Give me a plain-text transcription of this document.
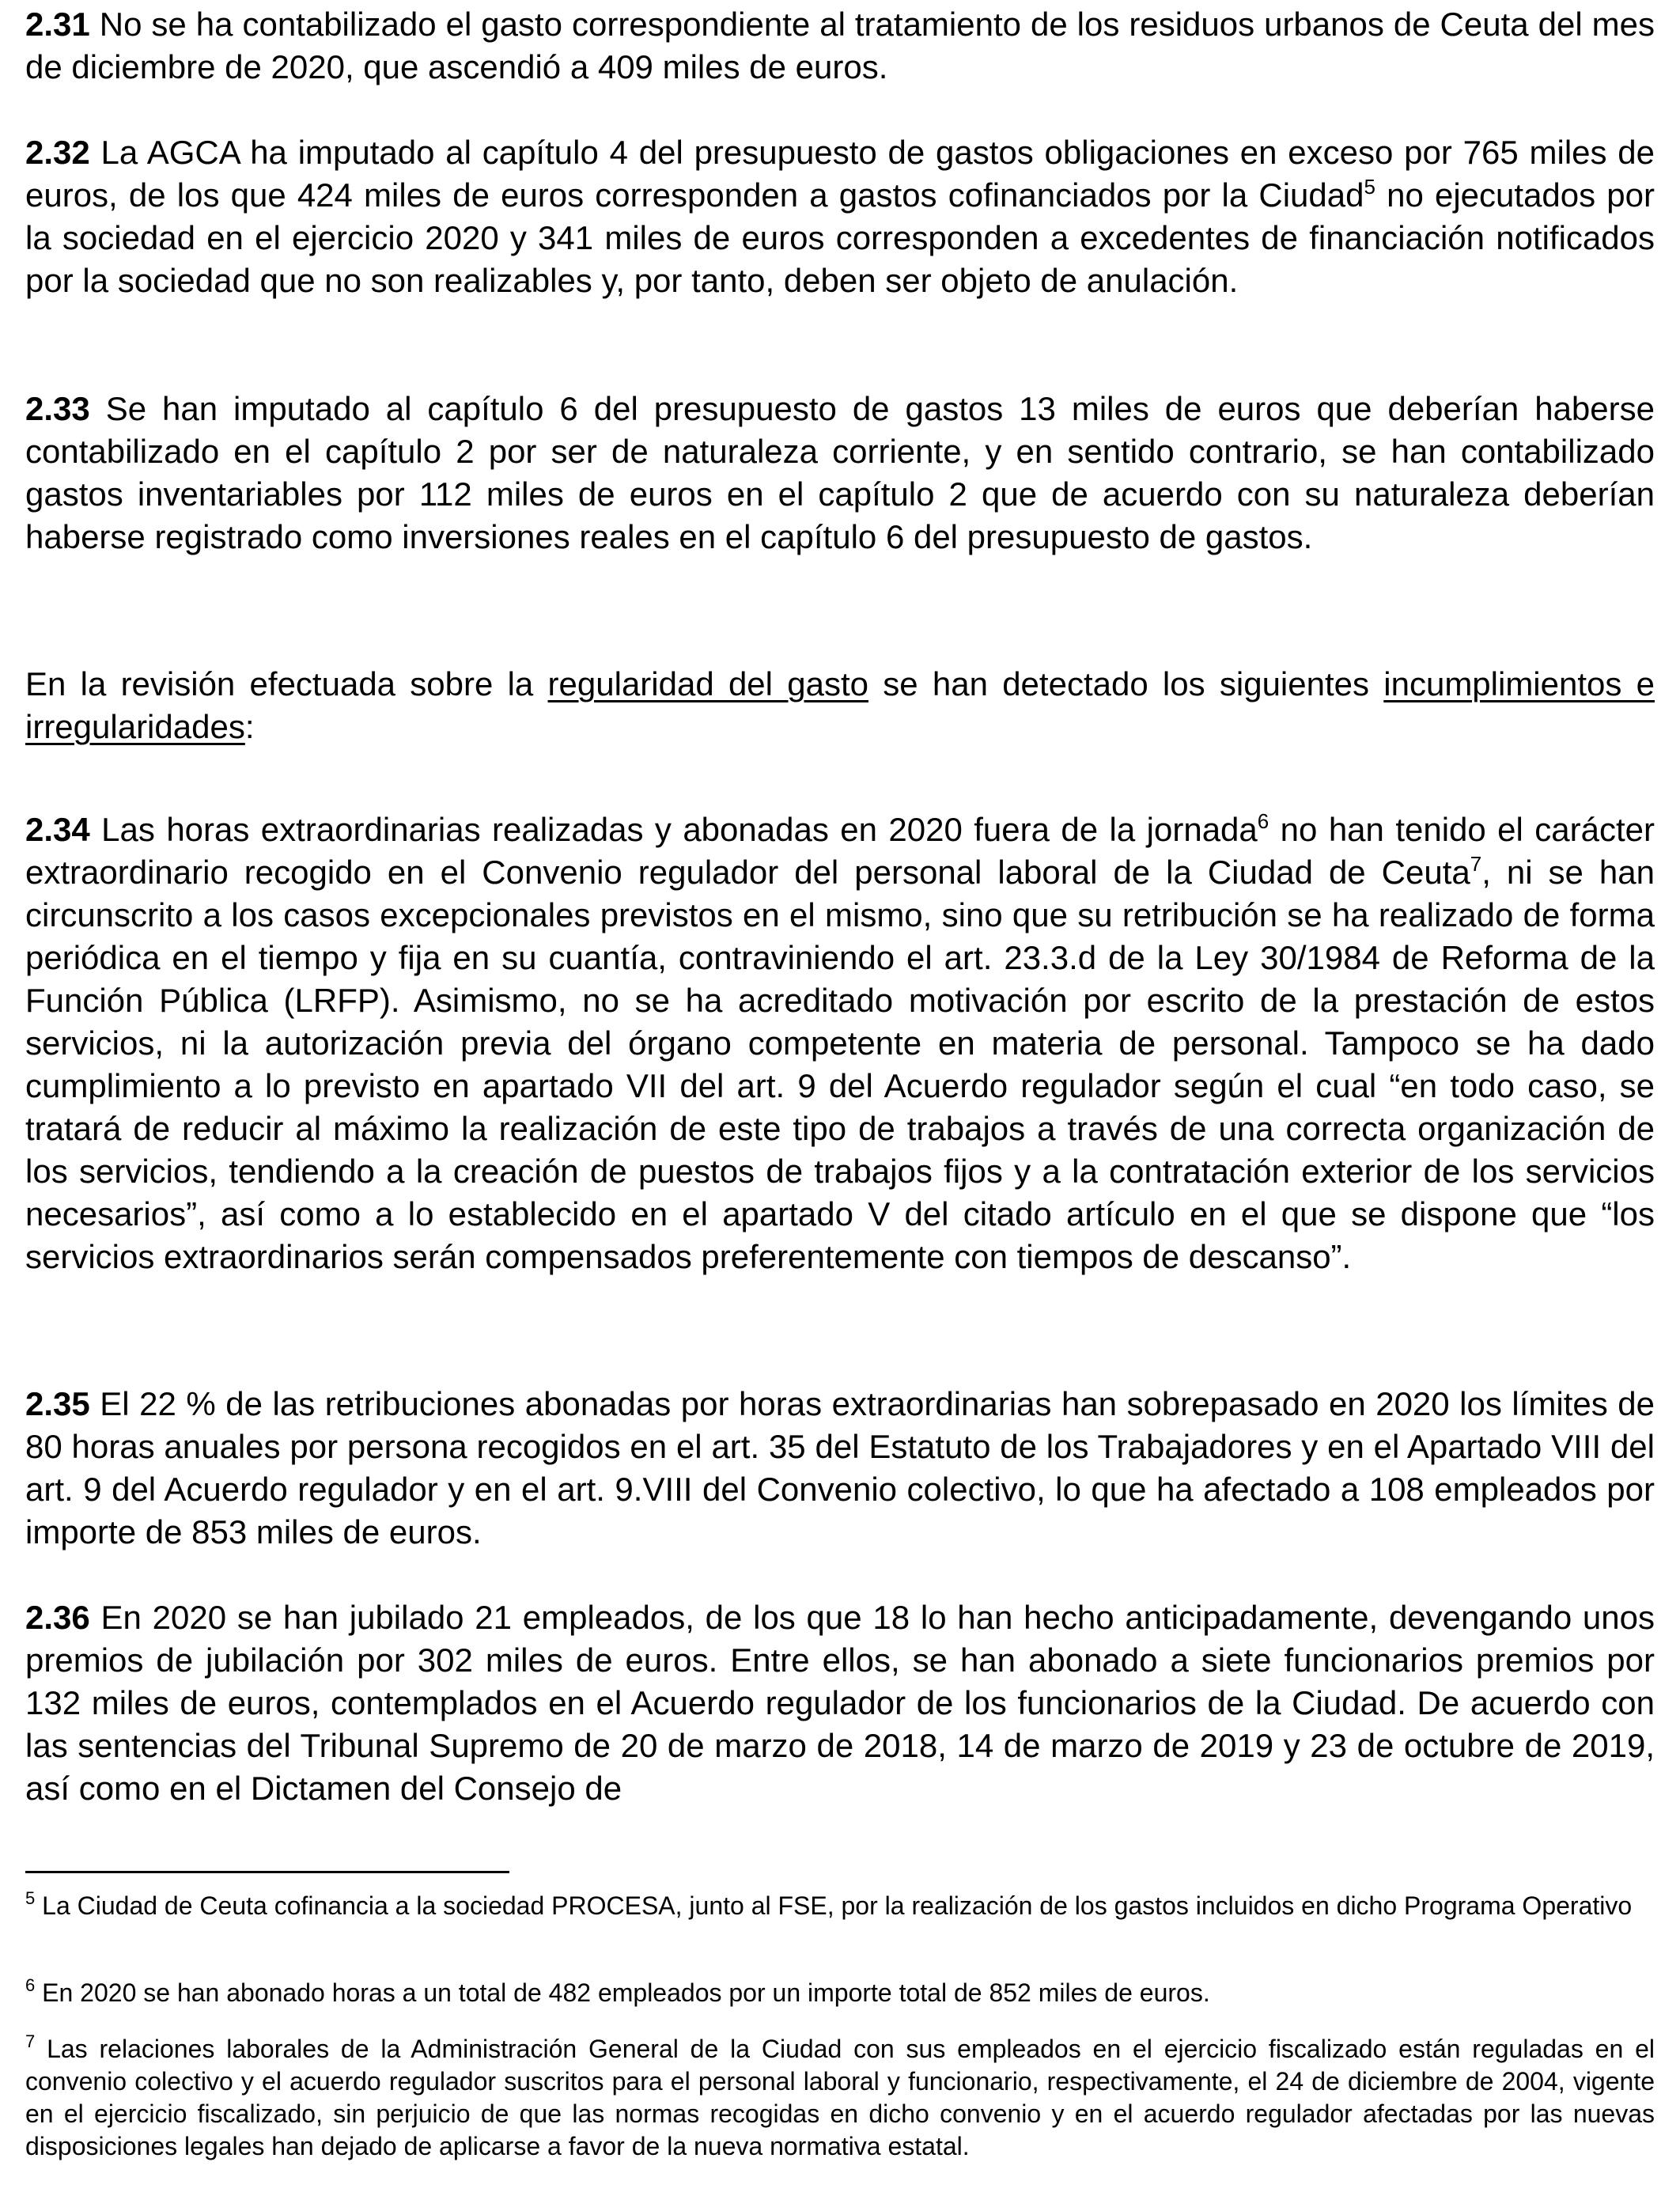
2.31 No se ha contabilizado el gasto correspondiente al tratamiento de los residuos urbanos de Ceuta del mes de diciembre de 2020, que ascendió a 409 miles de euros.

2.32 La AGCA ha imputado al capítulo 4 del presupuesto de gastos obligaciones en exceso por 765 miles de euros, de los que 424 miles de euros corresponden a gastos cofinanciados por la Ciudad$^5$ no ejecutados por la sociedad en el ejercicio 2020 y 341 miles de euros corresponden a excedentes de financiación notificados por la sociedad que no son realizables y, por tanto, deben ser objeto de anulación.

2.33 Se han imputado al capítulo 6 del presupuesto de gastos 13 miles de euros que deberían haberse contabilizado en el capítulo 2 por ser de naturaleza corriente, y en sentido contrario, se han contabilizado gastos inventariables por 112 miles de euros en el capítulo 2 que de acuerdo con su naturaleza deberían haberse registrado como inversiones reales en el capítulo 6 del presupuesto de gastos.

En la revisión efectuada sobre la regularidad del gasto se han detectado los siguientes incumplimientos e irregularidades:

2.34 Las horas extraordinarias realizadas y abonadas en 2020 fuera de la jornada$^6$ no han tenido el carácter extraordinario recogido en el Convenio regulador del personal laboral de la Ciudad de Ceuta$^7$, ni se han circunscrito a los casos excepcionales previstos en el mismo, sino que su retribución se ha realizado de forma periódica en el tiempo y fija en su cuantía, contraviniendo el art. 23.3.d de la Ley 30/1984 de Reforma de la Función Pública (LRFP). Asimismo, no se ha acreditado motivación por escrito de la prestación de estos servicios, ni la autorización previa del órgano competente en materia de personal. Tampoco se ha dado cumplimiento a lo previsto en apartado VII del art. 9 del Acuerdo regulador según el cual “en todo caso, se tratará de reducir al máximo la realización de este tipo de trabajos a través de una correcta organización de los servicios, tendiendo a la creación de puestos de trabajos fijos y a la contratación exterior de los servicios necesarios”, así como a lo establecido en el apartado V del citado artículo en el que se dispone que “los servicios extraordinarios serán compensados preferentemente con tiempos de descanso”.

2.35 El 22 % de las retribuciones abonadas por horas extraordinarias han sobrepasado en 2020 los límites de 80 horas anuales por persona recogidos en el art. 35 del Estatuto de los Trabajadores y en el Apartado VIII del art. 9 del Acuerdo regulador y en el art. 9.VIII del Convenio colectivo, lo que ha afectado a 108 empleados por importe de 853 miles de euros.

2.36 En 2020 se han jubilado 21 empleados, de los que 18 lo han hecho anticipadamente, devengando unos premios de jubilación por 302 miles de euros. Entre ellos, se han abonado a siete funcionarios premios por 132 miles de euros, contemplados en el Acuerdo regulador de los funcionarios de la Ciudad. De acuerdo con las sentencias del Tribunal Supremo de 20 de marzo de 2018, 14 de marzo de 2019 y 23 de octubre de 2019, así como en el Dictamen del Consejo de

$^5$ La Ciudad de Ceuta cofinancia a la sociedad PROCESA, junto al FSE, por la realización de los gastos incluidos en dicho Programa Operativo

$^6$ En 2020 se han abonado horas a un total de 482 empleados por un importe total de 852 miles de euros.

$^7$ Las relaciones laborales de la Administración General de la Ciudad con sus empleados en el ejercicio fiscalizado están reguladas en el convenio colectivo y el acuerdo regulador suscritos para el personal laboral y funcionario, respectivamente, el 24 de diciembre de 2004, vigente en el ejercicio fiscalizado, sin perjuicio de que las normas recogidas en dicho convenio y en el acuerdo regulador afectadas por las nuevas disposiciones legales han dejado de aplicarse a favor de la nueva normativa estatal.
